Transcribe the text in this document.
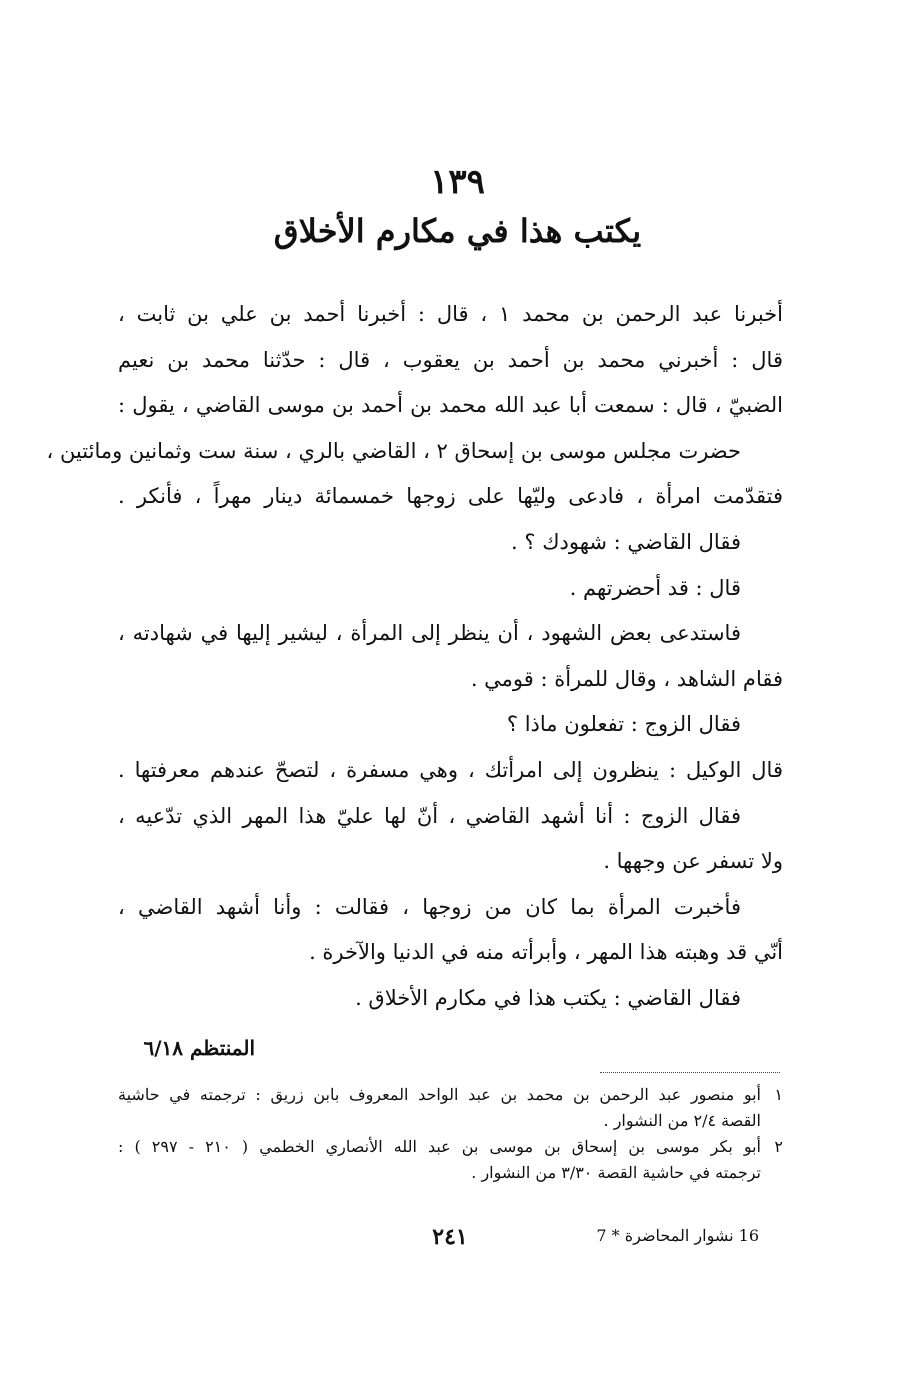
١٣٩
يكتب هذا في مكارم الأخلاق
أخبرنا عبد الرحمن بن محمد ١ ، قال : أخبرنا أحمد بن علي بن ثابت ،
قال : أخبرني محمد بن أحمد بن يعقوب ، قال : حدّثنا محمد بن نعيم
الضبيّ ، قال : سمعت أبا عبد الله محمد بن أحمد بن موسى القاضي ، يقول :
حضرت مجلس موسى بن إسحاق ٢ ، القاضي بالري ، سنة ست وثمانين ومائتين ،
فتقدّمت امرأة ، فادعى وليّها على زوجها خمسمائة دينار مهراً ، فأنكر .
فقال القاضي : شهودك ؟ .
قال : قد أحضرتهم .
فاستدعى بعض الشهود ، أن ينظر إلى المرأة ، ليشير إليها في شهادته ،
فقام الشاهد ، وقال للمرأة : قومي .
فقال الزوج : تفعلون ماذا ؟
قال الوكيل : ينظرون إلى امرأتك ، وهي مسفرة ، لتصحّ عندهم معرفتها .
فقال الزوج : أنا أشهد القاضي ، أنّ لها عليّ هذا المهر الذي تدّعيه ،
ولا تسفر عن وجهها .
فأخبرت المرأة بما كان من زوجها ، فقالت : وأنا أشهد القاضي ،
أنّي قد وهبته هذا المهر ، وأبرأته منه في الدنيا والآخرة .
فقال القاضي : يكتب هذا في مكارم الأخلاق .
المنتظم ٦/١٨
١أبو منصور عبد الرحمن بن محمد بن عبد الواحد المعروف بابن زريق : ترجمته في حاشية
القصة ٢/٤ من النشوار .
٢أبو بكر موسى بن إسحاق بن موسى بن عبد الله الأنصاري الخطمي ( ٢١٠ - ٢٩٧ ) :
ترجمته في حاشية القصة ٣/٣٠ من النشوار .
16 نشوار المحاضرة * 7
٢٤١
